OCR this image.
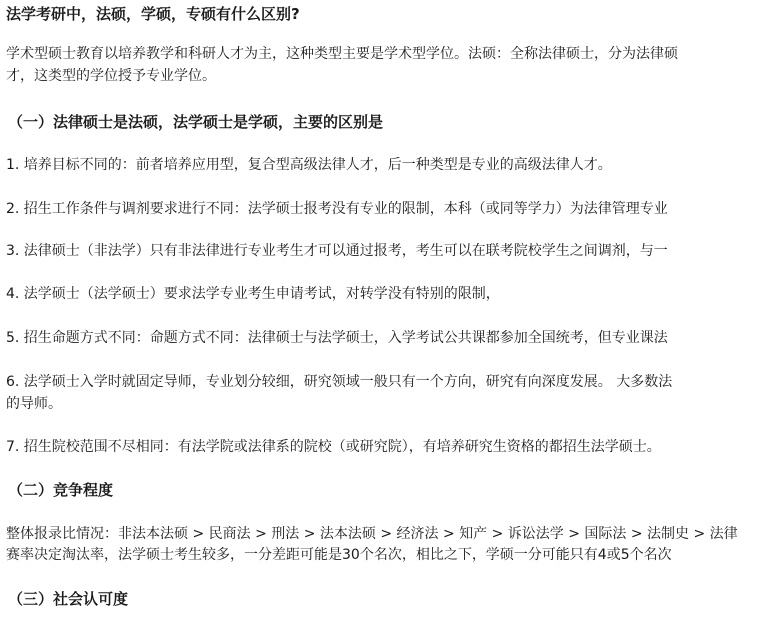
法学考研中，法硕，学硕，专硕有什么区别?
学术型硕士教育以培养教学和科研人才为主，这种类型主要是学术型学位。法硕：全称法律硕士，分为法律硕
才，这类型的学位授予专业学位。
（一）法律硕士是法硕，法学硕士是学硕，主要的区别是
1. 培养目标不同的：前者培养应用型，复合型高级法律人才，后一种类型是专业的高级法律人才。
2. 招生工作条件与调剂要求进行不同：法学硕士报考没有专业的限制，本科（或同等学力）为法律管理专业
3. 法律硕士（非法学）只有非法律进行专业考生才可以通过报考，考生可以在联考院校学生之间调剂，与一
4. 法学硕士（法学硕士）要求法学专业考生申请考试，对转学没有特别的限制，
5. 招生命题方式不同：命题方式不同：法律硕士与法学硕士，入学考试公共课都参加全国统考，但专业课法
6. 法学硕士入学时就固定导师，专业划分较细，研究领域一般只有一个方向，研究有向深度发展。 大多数法
的导师。
7. 招生院校范围不尽相同：有法学院或法律系的院校（或研究院），有培养研究生资格的都招生法学硕士。
（二）竞争程度
整体报录比情况：非法本法硕 > 民商法 > 刑法 > 法本法硕 > 经济法 > 知产 > 诉讼法学 > 国际法 > 法制史 > 法律
赛率决定淘汰率，法学硕士考生较多，一分差距可能是30个名次，相比之下，学硕一分可能只有4或5个名次
（三）社会认可度
